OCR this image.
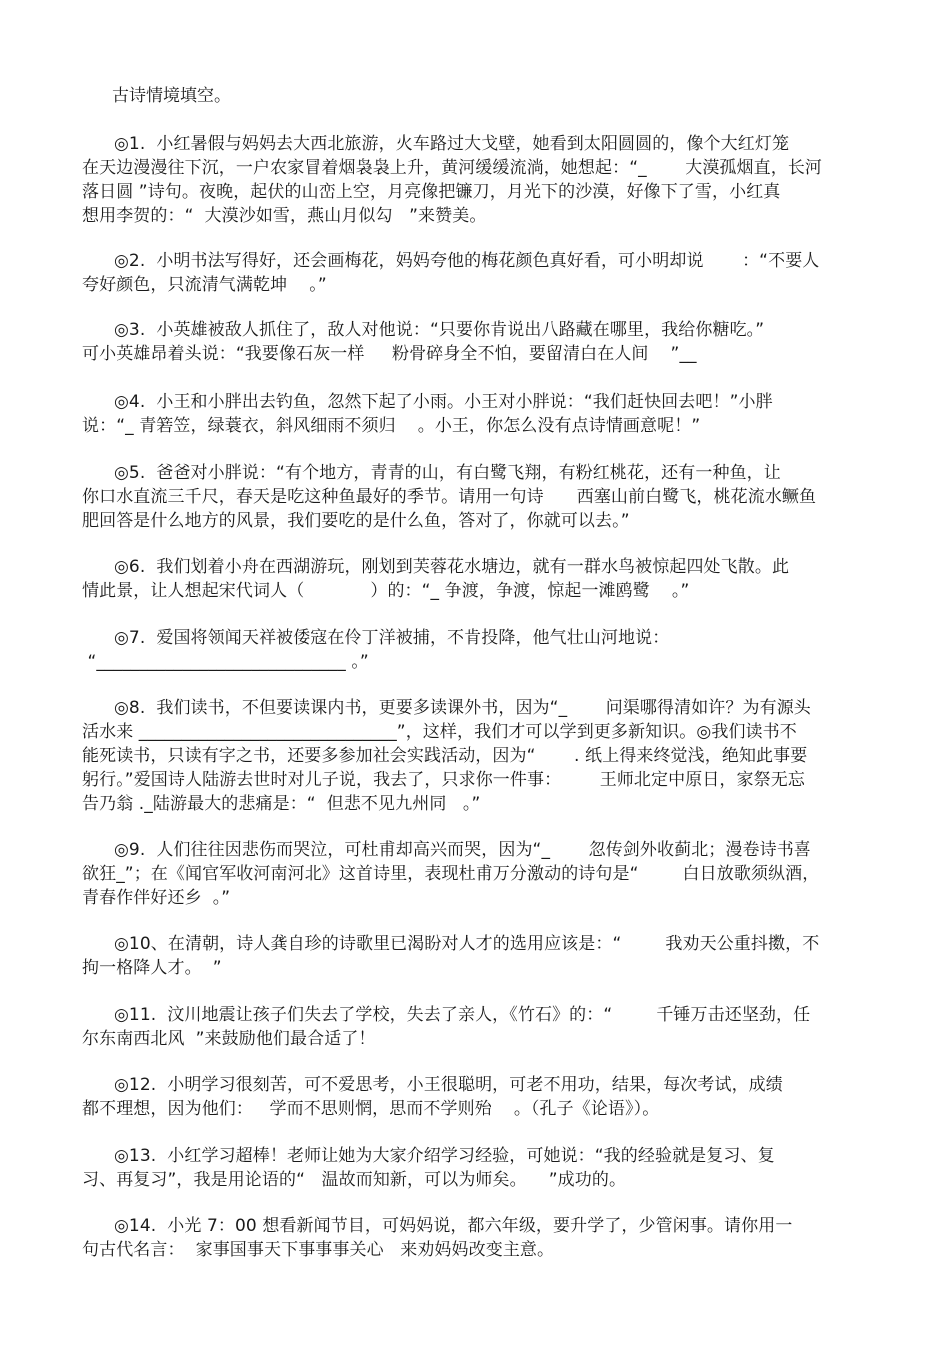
古诗情境填空。
◎1.  小红暑假与妈妈去大西北旅游，火车路过大戈壁，她看到太阳圆圆的，像个大红灯笼
在天边漫漫往下沉，一户农家冒着烟袅袅上升，黄河缓缓流淌，她想起：“_       大漠孤烟直，长河
落日圆 ”诗句。夜晚，起伏的山峦上空，月亮像把镰刀，月光下的沙漠，好像下了雪，小红真
想用李贺的：“  大漠沙如雪，燕山月似勾   ”来赞美。
◎2.  小明书法写得好，还会画梅花，妈妈夸他的梅花颜色真好看，可小明却说       ：“不要人
夸好颜色，只流清气满乾坤    。”
◎3.  小英雄被敌人抓住了，敌人对他说：“只要你肯说出八路藏在哪里，我给你糖吃。”
可小英雄昂着头说：“我要像石灰一样     粉骨碎身全不怕，要留清白在人间    ”__
◎4.  小王和小胖出去钓鱼，忽然下起了小雨。小王对小胖说：“我们赶快回去吧！”小胖
说：“_ 青箬笠，绿蓑衣，斜风细雨不须归    。小王，你怎么没有点诗情画意呢！”
◎5.  爸爸对小胖说：“有个地方，青青的山，有白鹭飞翔，有粉红桃花，还有一种鱼，让
你口水直流三千尺，春天是吃这种鱼最好的季节。请用一句诗      西塞山前白鹭飞，桃花流水鳜鱼
肥回答是什么地方的风景，我们要吃的是什么鱼，答对了，你就可以去。”
◎6.  我们划着小舟在西湖游玩，刚划到芙蓉花水塘边，就有一群水鸟被惊起四处飞散。此
情此景，让人想起宋代词人（            ）的：“_ 争渡，争渡，惊起一滩鸥鹭    。”
◎7.  爱国将领闻天祥被倭寇在伶丁洋被捕，不肯投降，他气壮山河地说：
“_____________________________ 。”
◎8.  我们读书，不但要读课内书，更要多读课外书，因为“_       问渠哪得清如许？为有源头
活水来 ______________________________”，这样，我们才可以学到更多新知识。◎我们读书不
能死读书，只读有字之书，还要多参加社会实践活动，因为“       . 纸上得来终觉浅，绝知此事要
躬行。”爱国诗人陆游去世时对儿子说，我去了，只求你一件事：       王师北定中原日，家祭无忘
告乃翁 ._陆游最大的悲痛是：“  但悲不见九州同   。”
◎9.  人们往往因悲伤而哭泣，可杜甫却高兴而哭，因为“_       忽传剑外收蓟北；漫卷诗书喜
欲狂_”；在《闻官军收河南河北》这首诗里，表现杜甫万分激动的诗句是“        白日放歌须纵酒，
青春作伴好还乡  。”
◎10、在清朝，诗人龚自珍的诗歌里已渴盼对人才的选用应该是：“        我劝天公重抖擞，不
拘一格降人才。  ”
◎11.  汶川地震让孩子们失去了学校，失去了亲人，《竹石》的：“        千锤万击还坚劲，任
尔东南西北风  ”来鼓励他们最合适了！
◎12.  小明学习很刻苦，可不爱思考，小王很聪明，可老不用功，结果，每次考试，成绩
都不理想，因为他们：   学而不思则惘，思而不学则殆    。（孔子《论语》）。
◎13.  小红学习超棒！老师让她为大家介绍学习经验，可她说：“我的经验就是复习、复
习、再复习”，我是用论语的“   温故而知新，可以为师矣。    ”成功的。
◎14.  小光 7：00 想看新闻节目，可妈妈说，都六年级，要升学了，少管闲事。请你用一
句古代名言：  家事国事天下事事事关心   来劝妈妈改变主意。
